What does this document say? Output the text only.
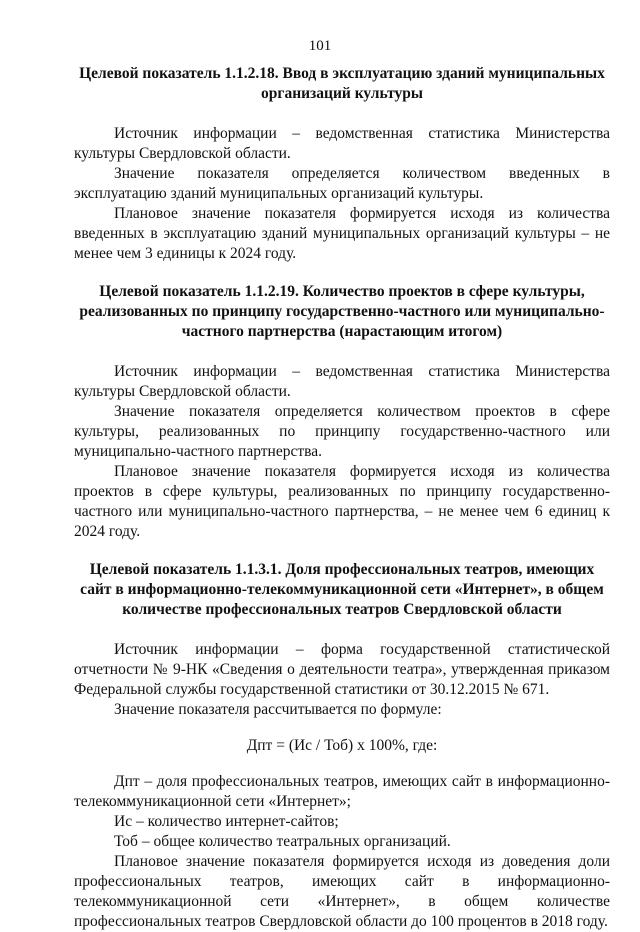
101

Целевой показатель 1.1.2.18. Ввод в эксплуатацию зданий муниципальных организаций культуры

Источник информации – ведомственная статистика Министерства культуры Свердловской области.

Значение показателя определяется количеством введенных в эксплуатацию зданий муниципальных организаций культуры.

Плановое значение показателя формируется исходя из количества введенных в эксплуатацию зданий муниципальных организаций культуры – не менее чем 3 единицы к 2024 году.

Целевой показатель 1.1.2.19. Количество проектов в сфере культуры, реализованных по принципу государственно-частного или муниципально-частного партнерства (нарастающим итогом)

Источник информации – ведомственная статистика Министерства культуры Свердловской области.

Значение показателя определяется количеством проектов в сфере культуры, реализованных по принципу государственно-частного или муниципально-частного партнерства.

Плановое значение показателя формируется исходя из количества проектов в сфере культуры, реализованных по принципу государственно-частного или муниципально-частного партнерства, – не менее чем 6 единиц к 2024 году.

Целевой показатель 1.1.3.1. Доля профессиональных театров, имеющих сайт в информационно-телекоммуникационной сети «Интернет», в общем количестве профессиональных театров Свердловской области

Источник информации – форма государственной статистической отчетности № 9-НК «Сведения о деятельности театра», утвержденная приказом Федеральной службы государственной статистики от 30.12.2015 № 671.

Значение показателя рассчитывается по формуле:

Дпт = (Ис / Тоб) x 100%, где:

Дпт – доля профессиональных театров, имеющих сайт в информационно-телекоммуникационной сети «Интернет»;

Ис – количество интернет-сайтов;

Тоб – общее количество театральных организаций.

Плановое значение показателя формируется исходя из доведения доли профессиональных театров, имеющих сайт в информационно-телекоммуникационной сети «Интернет», в общем количестве профессиональных театров Свердловской области до 100 процентов в 2018 году.
